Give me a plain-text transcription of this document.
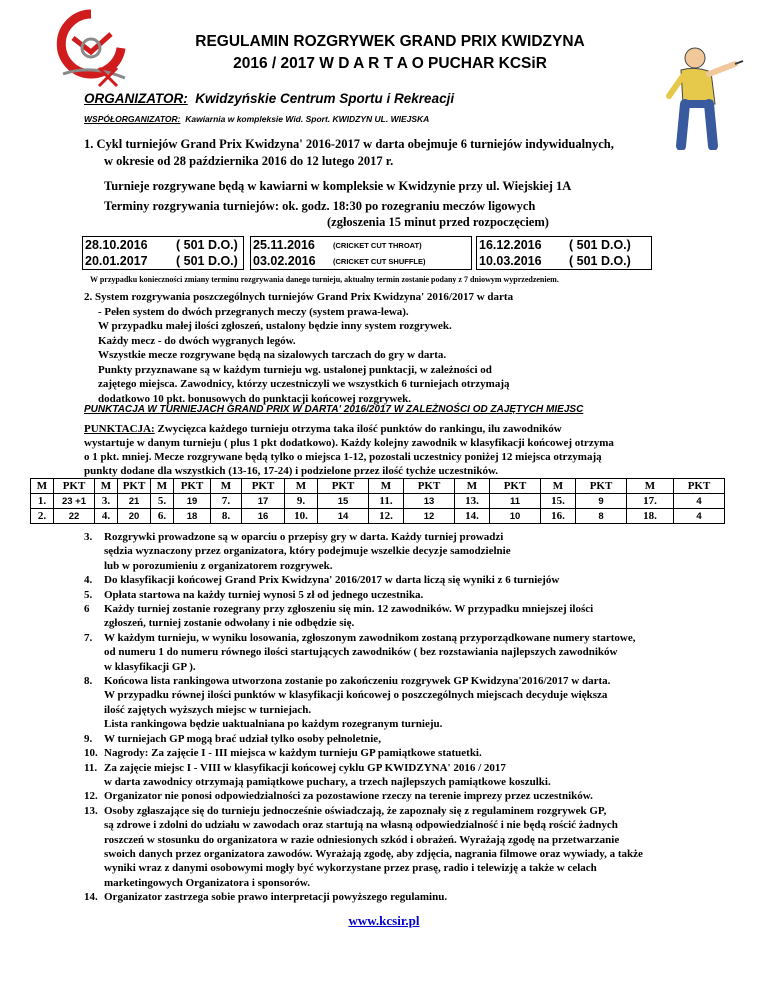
REGULAMIN ROZGRYWEK GRAND PRIX KWIDZYNA
2016 / 2017 W D A R T A O PUCHAR KCSiR
ORGANIZATOR: Kwidzyńskie Centrum Sportu i Rekreacji
WSPÓŁORGANIZATOR: Kawiarnia w kompleksie Wid. Sport. KWIDZYN UL. WIEJSKA
1. Cykl turniejów Grand Prix Kwidzyna' 2016-2017 w darta obejmuje 6 turniejów indywidualnych,
w okresie od 28 października 2016 do 12 lutego 2017 r.
Turnieje rozgrywane będą w kawiarni w kompleksie w Kwidzynie przy ul. Wiejskiej 1A
Terminy rozgrywania turniejów: ok. godz. 18:30 po rozegraniu meczów ligowych
(zgłoszenia 15 minut przed rozpoczęciem)
28.10.2016 ( 501 D.O.)
20.01.2017 ( 501 D.O.)
25.11.2016 (CRICKET CUT THROAT)
03.02.2016 (CRICKET CUT SHUFFLE)
16.12.2016 ( 501 D.O.)
10.03.2016 ( 501 D.O.)
W przypadku konieczności zmiany terminu rozgrywania danego turnieju, aktualny termin zostanie podany z 7 dniowym wyprzedzeniem.
2. System rozgrywania poszczególnych turniejów Grand Prix Kwidzyna' 2016/2017 w darta
- Pełen system do dwóch przegranych meczy (system prawa-lewa).
W przypadku małej ilości zgłoszeń, ustalony będzie inny system rozgrywek.
Każdy mecz - do dwóch wygranych legów.
Wszystkie mecze rozgrywane będą na sizalowych tarczach do gry w darta.
Punkty przyznawane są w każdym turnieju wg. ustalonej punktacji, w zależności od
zajętego miejsca. Zawodnicy, którzy uczestniczyli we wszystkich 6 turniejach otrzymają
dodatkowo 10 pkt. bonusowych do punktacji końcowej rozgrywek.
PUNKTACJA W TURNIEJACH GRAND PRIX W DARTA' 2016/2017 W ZALEŻNOŚCI OD ZAJĘTYCH MIEJSC
PUNKTACJA: Zwycięzca każdego turnieju otrzyma taka ilość punktów do rankingu, ilu zawodników
wystartuje w danym turnieju ( plus 1 pkt dodatkowo). Każdy kolejny zawodnik w klasyfikacji końcowej otrzyma
o 1 pkt. mniej. Mecze rozgrywane będą tylko o miejsca 1-12, pozostali uczestnicy poniżej 12 miejsca otrzymają
punkty dodane dla wszystkich (13-16, 17-24) i podzielone przez ilość tychże uczestników.
M	PKT	M	PKT	M	PKT	M	PKT	M	PKT	M	PKT	M	PKT	M	PKT	M	PKT
1.	23 +1	3.	21	5.	19	7.	17	9.	15	11.	13	13.	11	15.	9	17.	4
2.	22	4.	20	6.	18	8.	16	10.	14	12.	12	14.	10	16.	8	18.	4
3. Rozgrywki prowadzone są w oparciu o przepisy gry w darta. Każdy turniej prowadzi
sędzia wyznaczony przez organizatora, który podejmuje wszelkie decyzje samodzielnie
lub w porozumieniu z organizatorem rozgrywek.
4. Do klasyfikacji końcowej Grand Prix Kwidzyna' 2016/2017 w darta liczą się wyniki z 6 turniejów
5. Opłata startowa na każdy turniej wynosi 5 zł od jednego uczestnika.
6 Każdy turniej zostanie rozegrany przy zgłoszeniu się min. 12 zawodników. W przypadku mniejszej ilości
zgłoszeń, turniej zostanie odwołany i nie odbędzie się.
7. W każdym turnieju, w wyniku losowania, zgłoszonym zawodnikom zostaną przyporządkowane numery startowe,
od numeru 1 do numeru równego ilości startujących zawodników ( bez rozstawiania najlepszych zawodników
w klasyfikacji GP ).
8. Końcowa lista rankingowa utworzona zostanie po zakończeniu rozgrywek GP Kwidzyna'2016/2017 w darta.
W przypadku równej ilości punktów w klasyfikacji końcowej o poszczególnych miejscach decyduje większa
ilość zajętych wyższych miejsc w turniejach.
Lista rankingowa będzie uaktualniana po każdym rozegranym turnieju.
9. W turniejach GP mogą brać udział tylko osoby pełnoletnie,
10. Nagrody: Za zajęcie I - III miejsca w każdym turnieju GP pamiątkowe statuetki.
11. Za zajęcie miejsc I - VIII w klasyfikacji końcowej cyklu GP KWIDZYNA' 2016 / 2017
w darta zawodnicy otrzymają pamiątkowe puchary, a trzech najlepszych pamiątkowe koszulki.
12. Organizator nie ponosi odpowiedzialności za pozostawione rzeczy na terenie imprezy przez uczestników.
13. Osoby zgłaszające się do turnieju jednocześnie oświadczają, że zapoznały się z regulaminem rozgrywek GP,
są zdrowe i zdolni do udziału w zawodach oraz startują na własną odpowiedzialność i nie będą rościć żadnych
roszczeń w stosunku do organizatora w razie odniesionych szkód i obrażeń. Wyrażają zgodę na przetwarzanie
swoich danych przez organizatora zawodów. Wyrażają zgodę, aby zdjęcia, nagrania filmowe oraz wywiady, a także
wyniki wraz z danymi osobowymi mogły być wykorzystane przez prasę, radio i telewizję a także w celach
marketingowych Organizatora i sponsorów.
14. Organizator zastrzega sobie prawo interpretacji powyższego regulaminu.
www.kcsir.pl
